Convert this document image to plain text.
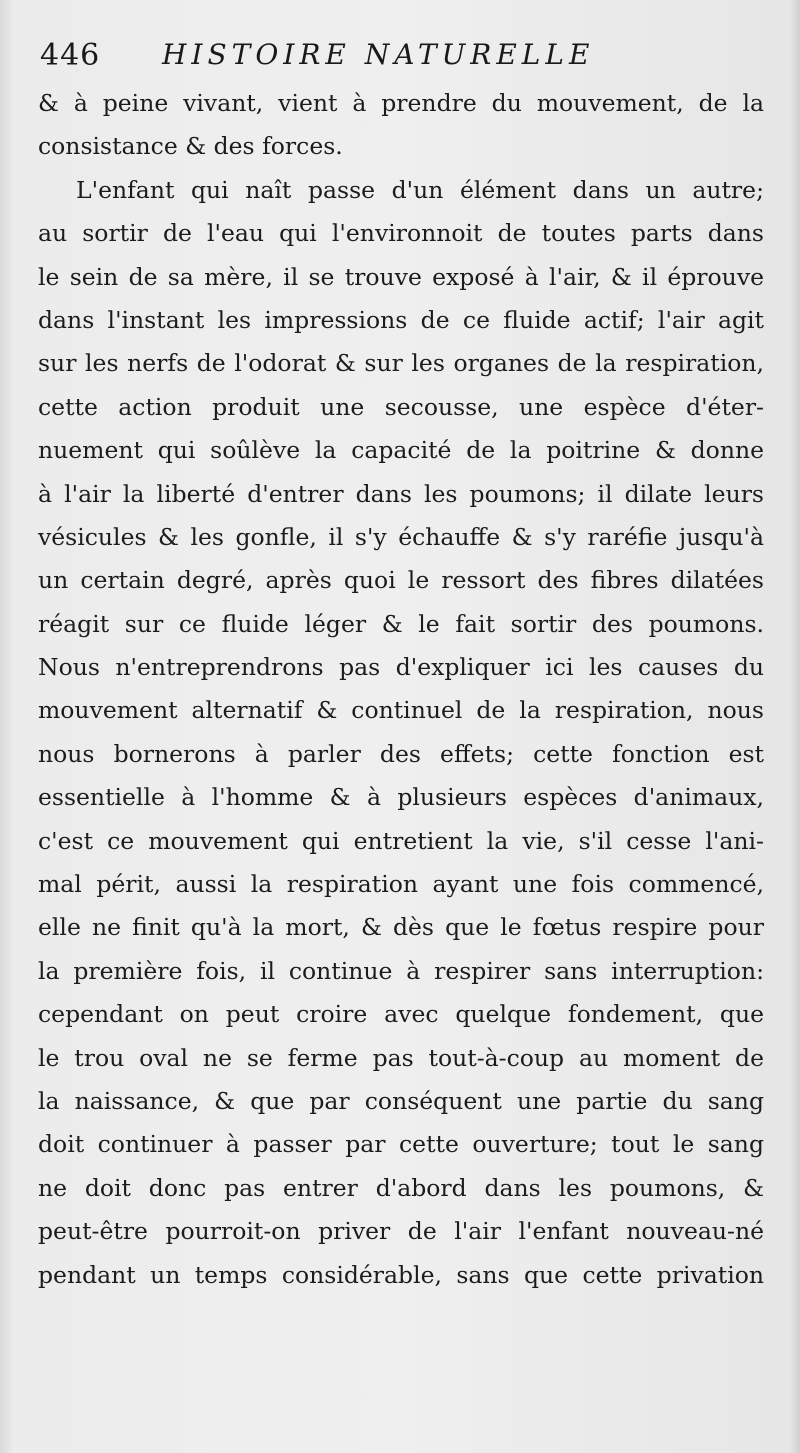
446 HISTOIRE NATURELLE
& à peine vivant, vient à prendre du mouvement, de la
consistance & des forces.
L'enfant qui naît passe d'un élément dans un autre;
au sortir de l'eau qui l'environnoit de toutes parts dans
le sein de sa mère, il se trouve exposé à l'air, & il éprouve
dans l'instant les impressions de ce fluide actif; l'air agit
sur les nerfs de l'odorat & sur les organes de la respiration,
cette action produit une secousse, une espèce d'éter-
nuement qui soûlève la capacité de la poitrine & donne
à l'air la liberté d'entrer dans les poumons; il dilate leurs
vésicules & les gonfle, il s'y échauffe & s'y raréfie jusqu'à
un certain degré, après quoi le ressort des fibres dilatées
réagit sur ce fluide léger & le fait sortir des poumons.
Nous n'entreprendrons pas d'expliquer ici les causes du
mouvement alternatif & continuel de la respiration, nous
nous bornerons à parler des effets; cette fonction est
essentielle à l'homme & à plusieurs espèces d'animaux,
c'est ce mouvement qui entretient la vie, s'il cesse l'ani-
mal périt, aussi la respiration ayant une fois commencé,
elle ne finit qu'à la mort, & dès que le fœtus respire pour
la première fois, il continue à respirer sans interruption:
cependant on peut croire avec quelque fondement, que
le trou oval ne se ferme pas tout-à-coup au moment de
la naissance, & que par conséquent une partie du sang
doit continuer à passer par cette ouverture; tout le sang
ne doit donc pas entrer d'abord dans les poumons, &
peut-être pourroit-on priver de l'air l'enfant nouveau-né
pendant un temps considérable, sans que cette privation
